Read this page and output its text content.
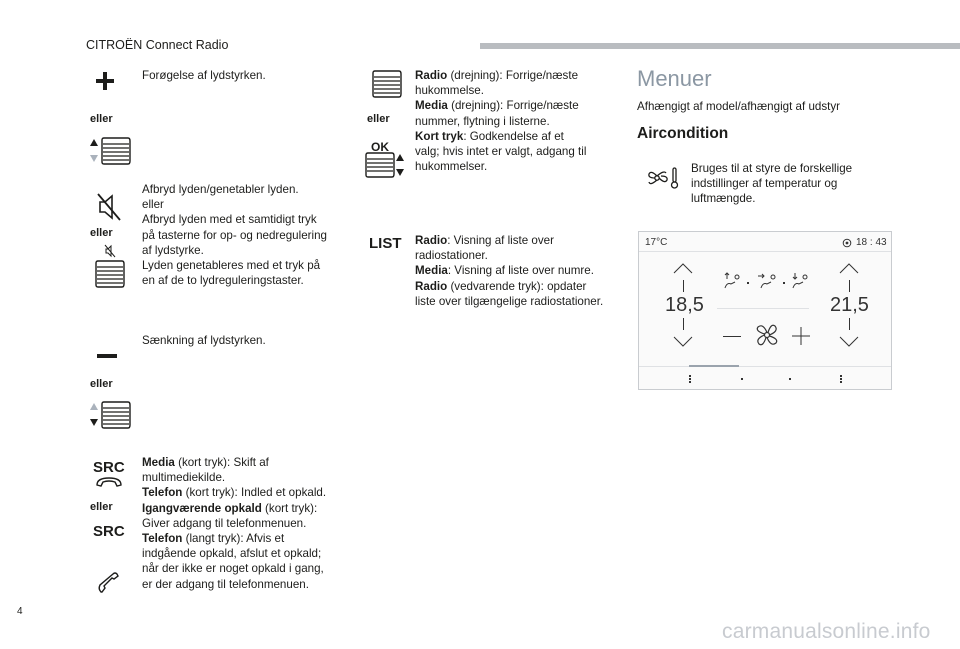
CITROËN Connect Radio
Forøgelse af lydstyrken.
eller
Afbryd lyden/genetabler lyden.
eller
Afbryd lyden med et samtidigt tryk
på tasterne for op- og nedregulering
af lydstyrke.
Lyden genetableres med et tryk på
en af de to lydreguleringstaster.
eller
Sænkning af lydstyrken.
eller
SRC
eller
SRC
Media (kort tryk): Skift af
multimediekilde.
Telefon (kort tryk): Indled et opkald.
Igangværende opkald (kort tryk):
Giver adgang til telefonmenuen.
Telefon (langt tryk): Afvis et
indgående opkald, afslut et opkald;
når der ikke er noget opkald i gang,
er der adgang til telefonmenuen.
eller
OK
Radio (drejning): Forrige/næste
hukommelse.
Media (drejning): Forrige/næste
nummer, flytning i listerne.
Kort tryk: Godkendelse af et
valg; hvis intet er valgt, adgang til
hukommelser.
LIST Radio: Visning af liste over
radiostationer.
Media: Visning af liste over numre.
Radio (vedvarende tryk): opdater
liste over tilgængelige radiostationer.
Menuer
Afhængigt af model/afhængigt af udstyr
Aircondition
Bruges til at styre de forskellige
indstillinger af temperatur og
luftmængde.
17°C	18 : 43
18,5	21,5
4
carmanualsonline.info
